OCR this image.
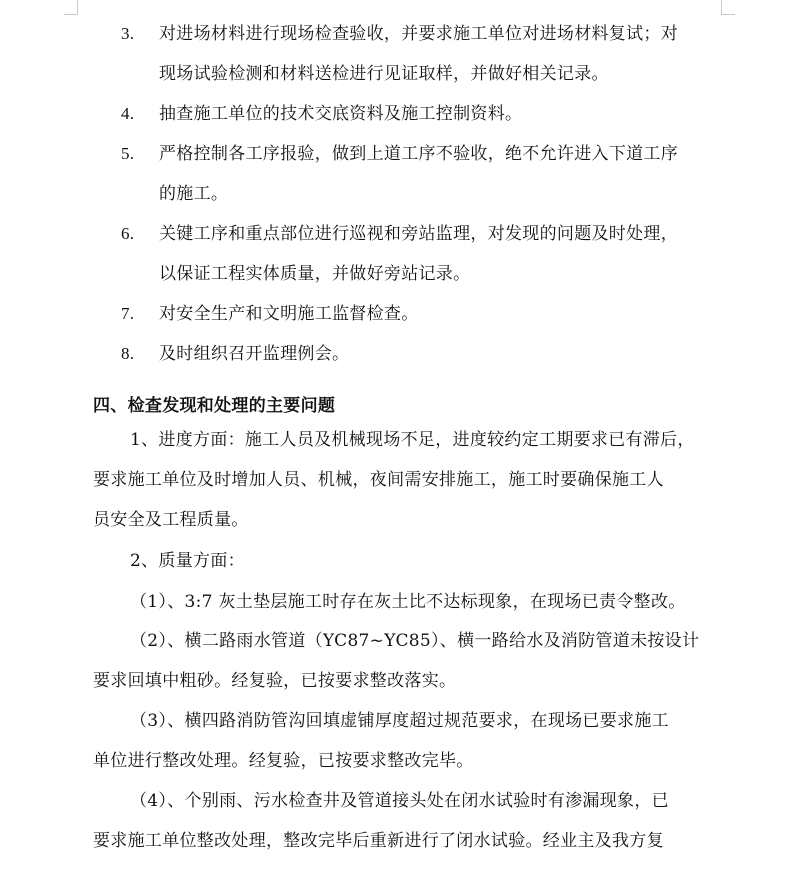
3. 对进场材料进行现场检查验收，并要求施工单位对进场材料复试；对
现场试验检测和材料送检进行见证取样，并做好相关记录。
4. 抽查施工单位的技术交底资料及施工控制资料。
5. 严格控制各工序报验，做到上道工序不验收，绝不允许进入下道工序
的施工。
6. 关键工序和重点部位进行巡视和旁站监理，对发现的问题及时处理，
以保证工程实体质量，并做好旁站记录。
7. 对安全生产和文明施工监督检查。
8. 及时组织召开监理例会。
四、检查发现和处理的主要问题
1、进度方面：施工人员及机械现场不足，进度较约定工期要求已有滞后，
要求施工单位及时增加人员、机械，夜间需安排施工，施工时要确保施工人
员安全及工程质量。
2、质量方面：
（1）、3:7 灰土垫层施工时存在灰土比不达标现象，在现场已责令整改。
（2）、横二路雨水管道（YC87~YC85）、横一路给水及消防管道未按设计
要求回填中粗砂。经复验，已按要求整改落实。
（3）、横四路消防管沟回填虚铺厚度超过规范要求，在现场已要求施工
单位进行整改处理。经复验，已按要求整改完毕。
（4）、个别雨、污水检查井及管道接头处在闭水试验时有渗漏现象，已
要求施工单位整改处理，整改完毕后重新进行了闭水试验。经业主及我方复
